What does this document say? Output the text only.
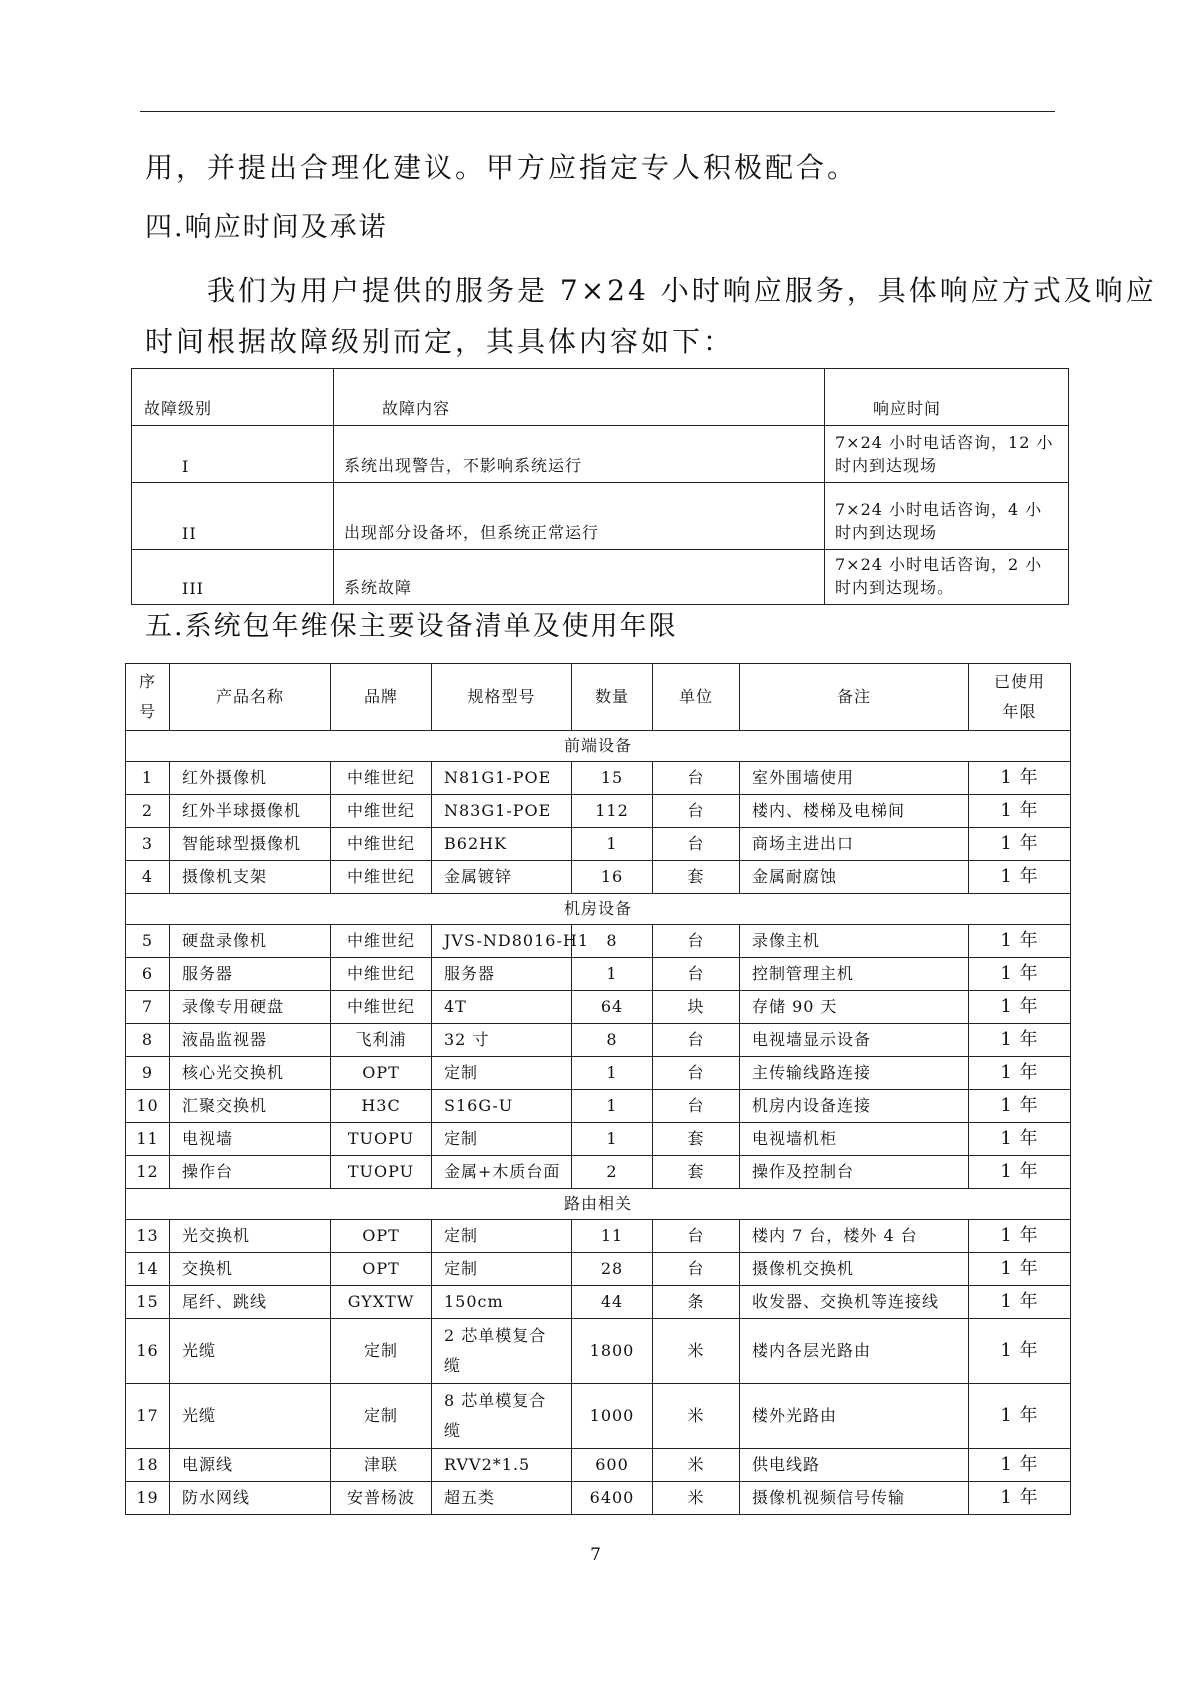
用，并提出合理化建议。甲方应指定专人积极配合。

四.响应时间及承诺

　　我们为用户提供的服务是 7×24 小时响应服务，具体响应方式及响应

时间根据故障级别而定，其具体内容如下：

故障级别	故障内容	响应时间
I	系统出现警告，不影响系统运行	7×24 小时电话咨询，12 小时内到达现场
II	出现部分设备坏，但系统正常运行	7×24 小时电话咨询，4 小时内到达现场
III	系统故障	7×24 小时电话咨询，2 小时内到达现场。
五.系统包年维保主要设备清单及使用年限
序
号	产品名称	品牌	规格型号	数量	单位	备注	已使用
年限
前端设备							
1	红外摄像机	中维世纪	N81G1-POE	15	台	室外围墙使用	1 年
2	红外半球摄像机	中维世纪	N83G1-POE	112	台	楼内、楼梯及电梯间	1 年
3	智能球型摄像机	中维世纪	B62HK	1	台	商场主进出口	1 年
4	摄像机支架	中维世纪	金属镀锌	16	套	金属耐腐蚀	1 年
机房设备							
5	硬盘录像机	中维世纪	JVS-ND8016-H1	8	台	录像主机	1 年
6	服务器	中维世纪	服务器	1	台	控制管理主机	1 年
7	录像专用硬盘	中维世纪	4T	64	块	存储 90 天	1 年
8	液晶监视器	飞利浦	32 寸	8	台	电视墙显示设备	1 年
9	核心光交换机	OPT	定制	1	台	主传输线路连接	1 年
10	汇聚交换机	H3C	S16G-U	1	台	机房内设备连接	1 年
11	电视墙	TUOPU	定制	1	套	电视墙机柜	1 年
12	操作台	TUOPU	金属+木质台面	2	套	操作及控制台	1 年
路由相关							
13	光交换机	OPT	定制	11	台	楼内 7 台，楼外 4 台	1 年
14	交换机	OPT	定制	28	台	摄像机交换机	1 年
15	尾纤、跳线	GYXTW	150cm	44	条	收发器、交换机等连接线	1 年
16	光缆	定制	2 芯单模复合
缆	1800	米	楼内各层光路由	1 年
17	光缆	定制	8 芯单模复合
缆	1000	米	楼外光路由	1 年
18	电源线	津联	RVV2*1.5	600	米	供电线路	1 年
19	防水网线	安普杨波	超五类	6400	米	摄像机视频信号传输	1 年
7
